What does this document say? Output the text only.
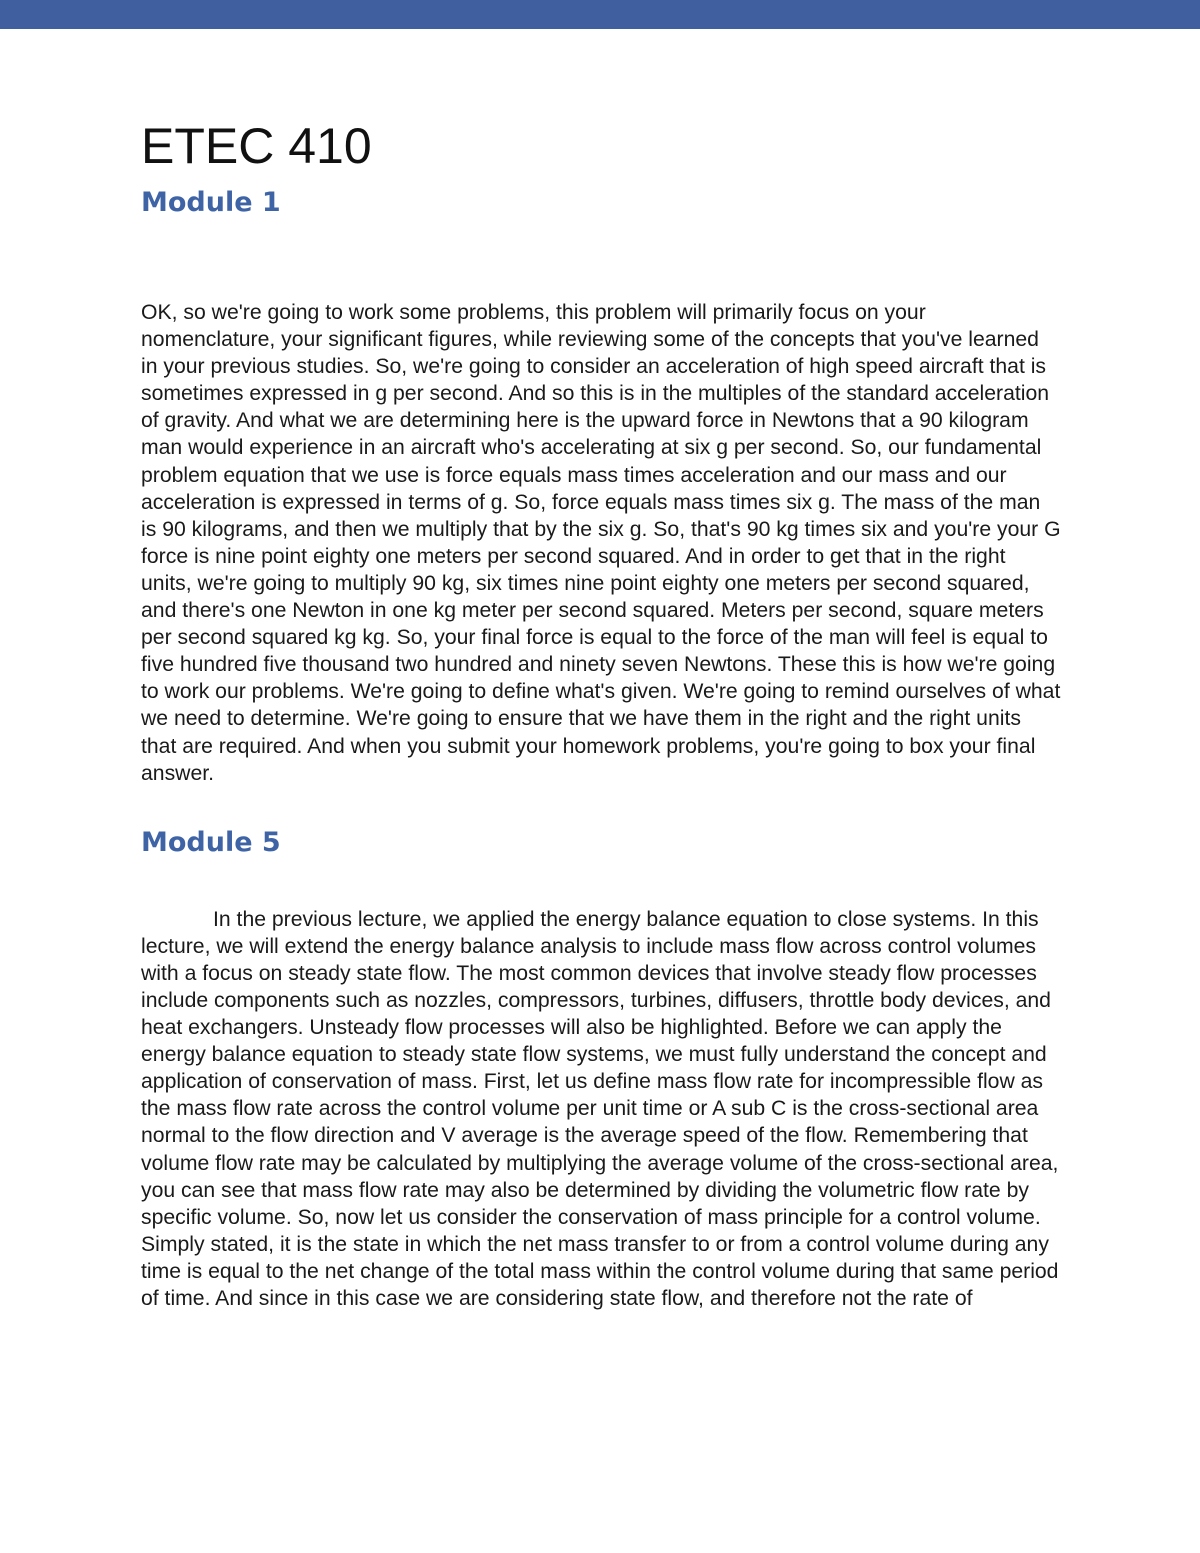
ETEC 410
Module 1

OK, so we're going to work some problems, this problem will primarily focus on your nomenclature, your significant figures, while reviewing some of the concepts that you've learned in your previous studies. So, we're going to consider an acceleration of high speed aircraft that is sometimes expressed in g per second. And so this is in the multiples of the standard acceleration of gravity. And what we are determining here is the upward force in Newtons that a 90 kilogram man would experience in an aircraft who's accelerating at six g per second. So, our fundamental problem equation that we use is force equals mass times acceleration and our mass and our acceleration is expressed in terms of g. So, force equals mass times six g. The mass of the man is 90 kilograms, and then we multiply that by the six g. So, that's 90 kg times six and you're your G force is nine point eighty one meters per second squared. And in order to get that in the right units, we're going to multiply 90 kg, six times nine point eighty one meters per second squared, and there's one Newton in one kg meter per second squared. Meters per second, square meters per second squared kg kg. So, your final force is equal to the force of the man will feel is equal to five hundred five thousand two hundred and ninety seven Newtons. These this is how we're going to work our problems. We're going to define what's given. We're going to remind ourselves of what we need to determine. We're going to ensure that we have them in the right and the right units that are required. And when you submit your homework problems, you're going to box your final answer.

Module 5

In the previous lecture, we applied the energy balance equation to close systems. In this lecture, we will extend the energy balance analysis to include mass flow across control volumes with a focus on steady state flow. The most common devices that involve steady flow processes include components such as nozzles, compressors, turbines, diffusers, throttle body devices, and heat exchangers. Unsteady flow processes will also be highlighted. Before we can apply the energy balance equation to steady state flow systems, we must fully understand the concept and application of conservation of mass. First, let us define mass flow rate for incompressible flow as the mass flow rate across the control volume per unit time or A sub C is the cross-sectional area normal to the flow direction and V average is the average speed of the flow. Remembering that volume flow rate may be calculated by multiplying the average volume of the cross-sectional area, you can see that mass flow rate may also be determined by dividing the volumetric flow rate by specific volume. So, now let us consider the conservation of mass principle for a control volume. Simply stated, it is the state in which the net mass transfer to or from a control volume during any time is equal to the net change of the total mass within the control volume during that same period of time. And since in this case we are considering state flow, and therefore not the rate of
